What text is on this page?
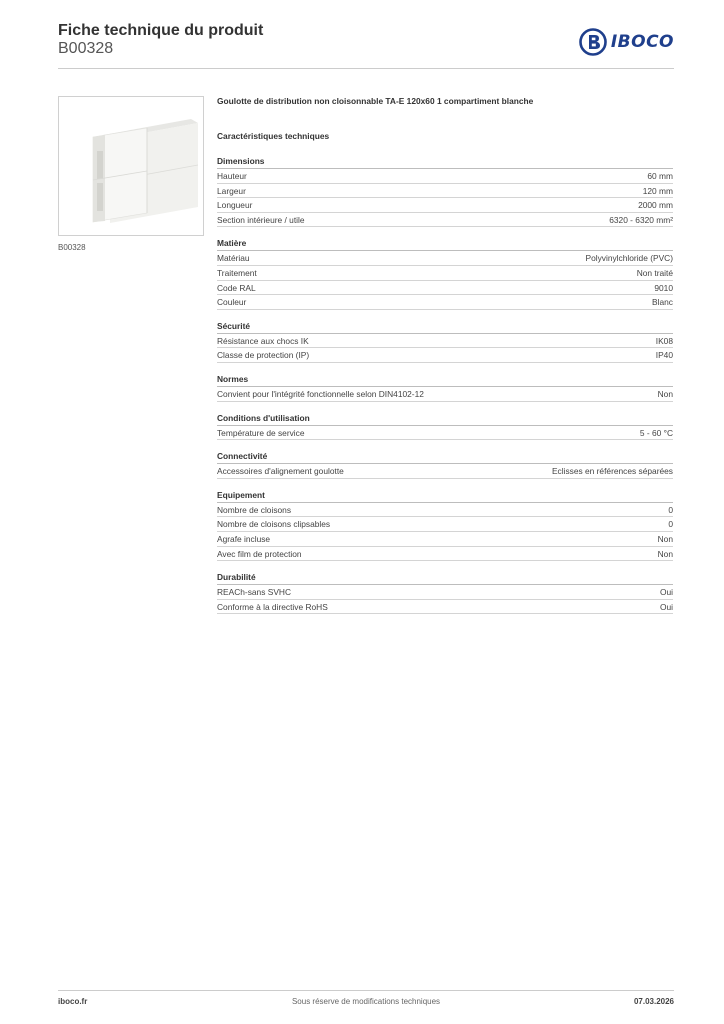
Fiche technique du produit
B00328	IBOCO
B00328
Goulotte de distribution non cloisonnable TA-E 120x60 1 compartiment blanche
Caractéristiques techniques
Dimensions
Hauteur	60 mm
Largeur	120 mm
Longueur	2000 mm
Section intérieure / utile	6320 - 6320 mm²
Matière
Matériau	Polyvinylchloride (PVC)
Traitement	Non traité
Code RAL	9010
Couleur	Blanc
Sécurité
Résistance aux chocs IK	IK08
Classe de protection (IP)	IP40
Normes
Convient pour l'intégrité fonctionnelle selon DIN4102-12	Non
Conditions d'utilisation
Température de service	5 - 60 °C
Connectivité
Accessoires d'alignement goulotte	Eclisses en références séparées
Equipement
Nombre de cloisons	0
Nombre de cloisons clipsables	0
Agrafe incluse	Non
Avec film de protection	Non
Durabilité
REACh-sans SVHC	Oui
Conforme à la directive RoHS	Oui
iboco.fr	Sous réserve de modifications techniques	07.03.2026
